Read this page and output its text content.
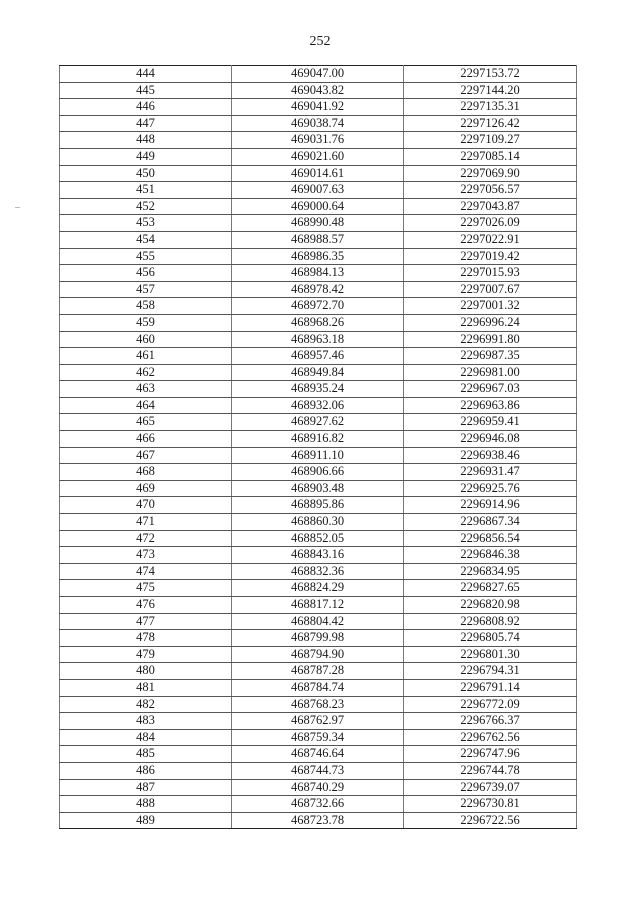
252
444	469047.00	2297153.72
445	469043.82	2297144.20
446	469041.92	2297135.31
447	469038.74	2297126.42
448	469031.76	2297109.27
449	469021.60	2297085.14
450	469014.61	2297069.90
451	469007.63	2297056.57
452	469000.64	2297043.87
453	468990.48	2297026.09
454	468988.57	2297022.91
455	468986.35	2297019.42
456	468984.13	2297015.93
457	468978.42	2297007.67
458	468972.70	2297001.32
459	468968.26	2296996.24
460	468963.18	2296991.80
461	468957.46	2296987.35
462	468949.84	2296981.00
463	468935.24	2296967.03
464	468932.06	2296963.86
465	468927.62	2296959.41
466	468916.82	2296946.08
467	468911.10	2296938.46
468	468906.66	2296931.47
469	468903.48	2296925.76
470	468895.86	2296914.96
471	468860.30	2296867.34
472	468852.05	2296856.54
473	468843.16	2296846.38
474	468832.36	2296834.95
475	468824.29	2296827.65
476	468817.12	2296820.98
477	468804.42	2296808.92
478	468799.98	2296805.74
479	468794.90	2296801.30
480	468787.28	2296794.31
481	468784.74	2296791.14
482	468768.23	2296772.09
483	468762.97	2296766.37
484	468759.34	2296762.56
485	468746.64	2296747.96
486	468744.73	2296744.78
487	468740.29	2296739.07
488	468732.66	2296730.81
489	468723.78	2296722.56
